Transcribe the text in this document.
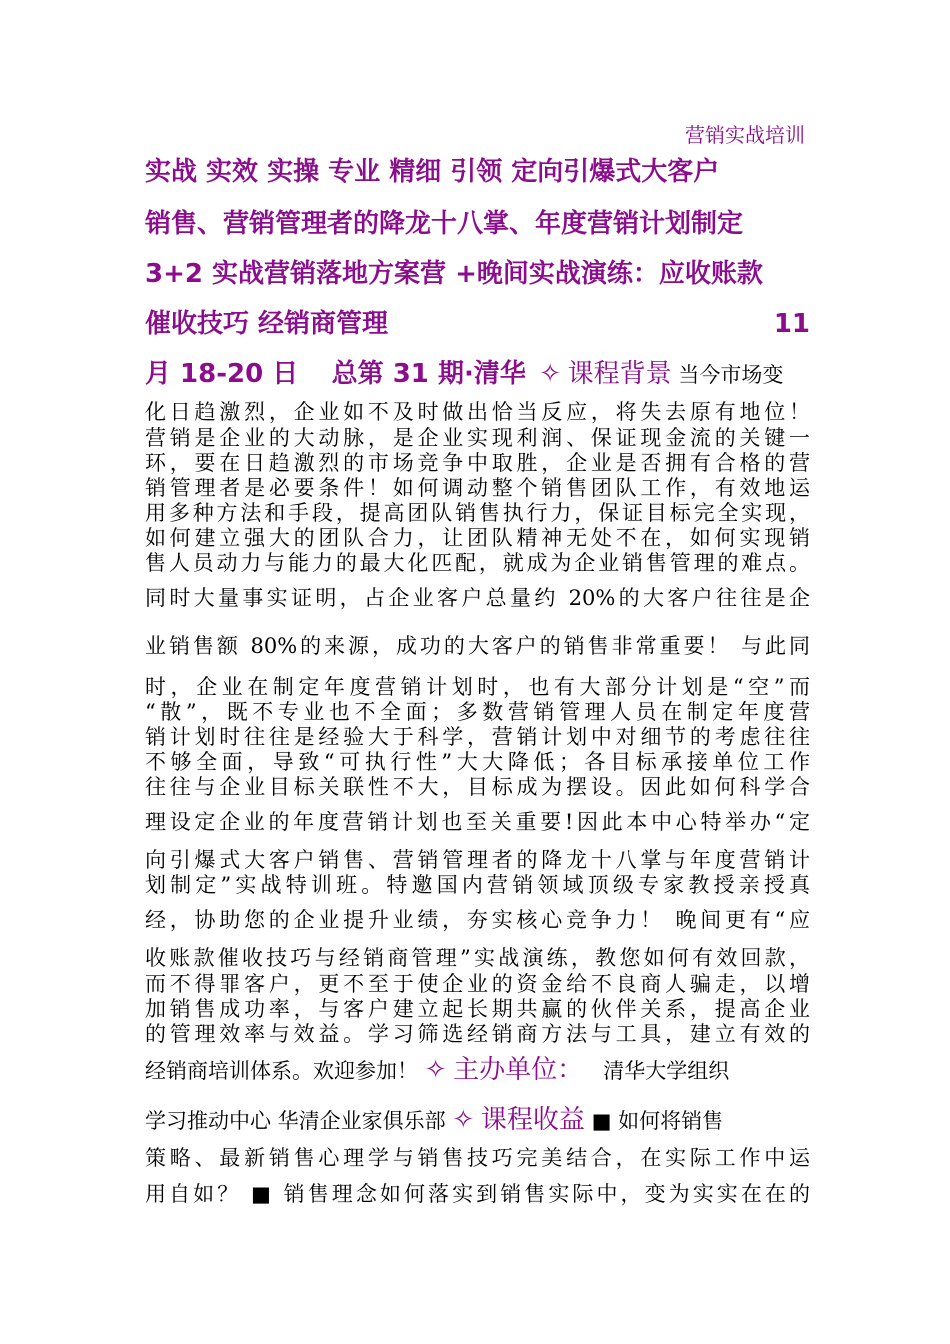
营销实战培训
实战 实效 实操 专业 精细 引领 定向引爆式大客户
销售、营销管理者的降龙十八掌、年度营销计划制定
3+2 实战营销落地方案营 +晚间实战演练：应收账款
催收技巧 经销商管理	11
月 18-20 日 总第 31 期·清华 ✧ 课程背景 当今市场变
化日趋激烈，企业如不及时做出恰当反应，将失去原有地位！
营销是企业的大动脉，是企业实现利润、保证现金流的关键一
环，要在日趋激烈的市场竞争中取胜，企业是否拥有合格的营
销管理者是必要条件！如何调动整个销售团队工作，有效地运
用多种方法和手段，提高团队销售执行力，保证目标完全实现，
如何建立强大的团队合力，让团队精神无处不在，如何实现销
售人员动力与能力的最大化匹配，就成为企业销售管理的难点。
同时大量事实证明，占企业客户总量约 20%的大客户往往是企
业销售额 80%的来源，成功的大客户的销售非常重要！ 与此同
时，企业在制定年度营销计划时，也有大部分计划是“空”而
“散”，既不专业也不全面；多数营销管理人员在制定年度营
销计划时往往是经验大于科学，营销计划中对细节的考虑往往
不够全面，导致“可执行性”大大降低；各目标承接单位工作
往往与企业目标关联性不大，目标成为摆设。因此如何科学合
理设定企业的年度营销计划也至关重要!因此本中心特举办“定
向引爆式大客户销售、营销管理者的降龙十八掌与年度营销计
划制定”实战特训班。特邀国内营销领域顶级专家教授亲授真
经，协助您的企业提升业绩，夯实核心竞争力！ 晚间更有“应
收账款催收技巧与经销商管理”实战演练，教您如何有效回款，
而不得罪客户，更不至于使企业的资金给不良商人骗走，以增
加销售成功率，与客户建立起长期共赢的伙伴关系，提高企业
的管理效率与效益。学习筛选经销商方法与工具，建立有效的
经销商培训体系。欢迎参加！ ✧ 主办单位： 清华大学组织
学习推动中心 华清企业家俱乐部 ✧ 课程收益 ■ 如何将销售
策略、最新销售心理学与销售技巧完美结合，在实际工作中运
用自如？ ■ 销售理念如何落实到销售实际中，变为实实在在的
